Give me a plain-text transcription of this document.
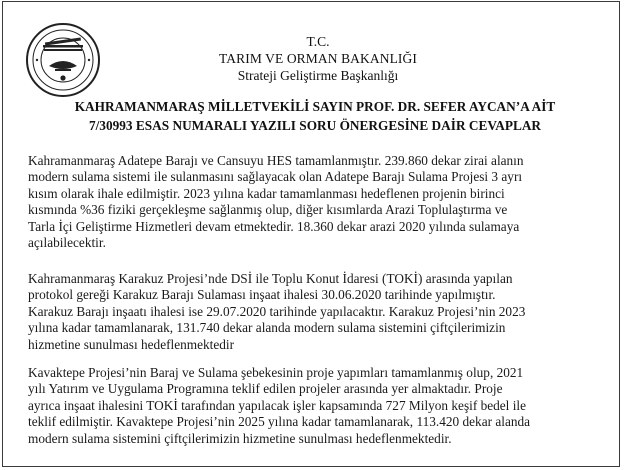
T.C.
TARIM VE ORMAN BAKANLIĞI
Strateji Geliştirme Başkanlığı
KAHRAMANMARAŞ MİLLETVEKİLİ SAYIN PROF. DR. SEFER AYCAN’A AİT
7/30993 ESAS NUMARALI YAZILI SORU ÖNERGESİNE DAİR CEVAPLAR
Kahramanmaraş Adatepe Barajı ve Cansuyu HES tamamlanmıştır. 239.860 dekar zirai alanın
modern sulama sistemi ile sulanmasını sağlayacak olan Adatepe Barajı Sulama Projesi 3 ayrı
kısım olarak ihale edilmiştir. 2023 yılına kadar tamamlanması hedeflenen projenin birinci
kısmında %36 fiziki gerçekleşme sağlanmış olup, diğer kısımlarda Arazi Toplulaştırma ve
Tarla İçi Geliştirme Hizmetleri devam etmektedir. 18.360 dekar arazi 2020 yılında sulamaya
açılabilecektir.
Kahramanmaraş Karakuz Projesi’nde DSİ ile Toplu Konut İdaresi (TOKİ) arasında yapılan
protokol gereği Karakuz Barajı Sulaması inşaat ihalesi 30.06.2020 tarihinde yapılmıştır.
Karakuz Barajı inşaatı ihalesi ise 29.07.2020 tarihinde yapılacaktır. Karakuz Projesi’nin 2023
yılına kadar tamamlanarak, 131.740 dekar alanda modern sulama sistemini çiftçilerimizin
hizmetine sunulması hedeflenmektedir
Kavaktepe Projesi’nin Baraj ve Sulama şebekesinin proje yapımları tamamlanmış olup, 2021
yılı Yatırım ve Uygulama Programına teklif edilen projeler arasında yer almaktadır. Proje
ayrıca inşaat ihalesini TOKİ tarafından yapılacak işler kapsamında 727 Milyon keşif bedel ile
teklif edilmiştir. Kavaktepe Projesi’nin 2025 yılına kadar tamamlanarak, 113.420 dekar alanda
modern sulama sistemini çiftçilerimizin hizmetine sunulması hedeflenmektedir.
